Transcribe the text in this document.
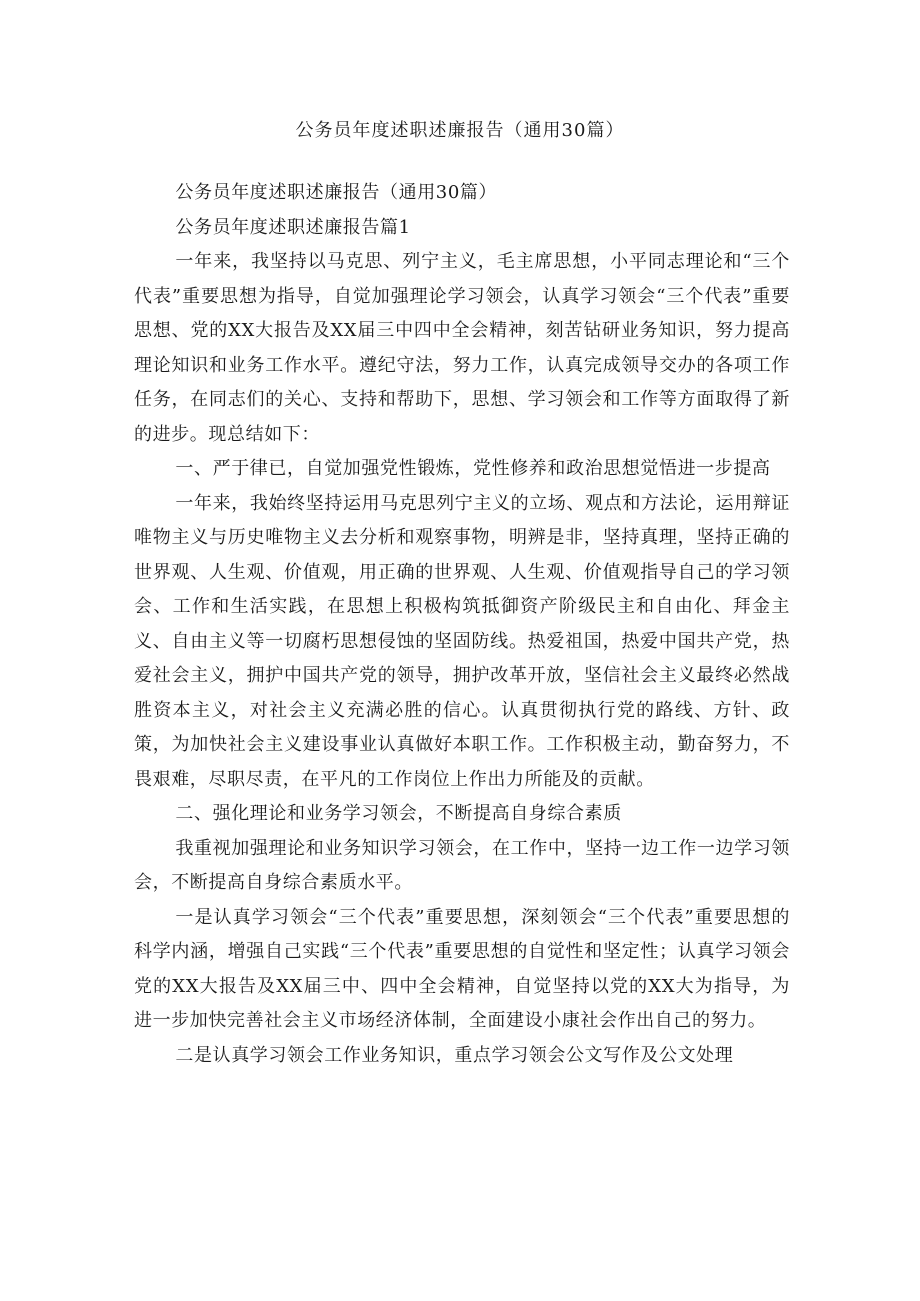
公务员年度述职述廉报告（通用30篇）

公务员年度述职述廉报告（通用30篇）

公务员年度述职述廉报告篇1

一年来，我坚持以马克思、列宁主义，毛主席思想，小平同志理论和“三个代表”重要思想为指导，自觉加强理论学习领会，认真学习领会“三个代表”重要思想、党的XX大报告及XX届三中四中全会精神，刻苦钻研业务知识，努力提高理论知识和业务工作水平。遵纪守法，努力工作，认真完成领导交办的各项工作任务，在同志们的关心、支持和帮助下，思想、学习领会和工作等方面取得了新的进步。现总结如下：

一、严于律已，自觉加强党性锻炼，党性修养和政治思想觉悟进一步提高

一年来，我始终坚持运用马克思列宁主义的立场、观点和方法论，运用辩证唯物主义与历史唯物主义去分析和观察事物，明辨是非，坚持真理，坚持正确的世界观、人生观、价值观，用正确的世界观、人生观、价值观指导自己的学习领会、工作和生活实践，在思想上积极构筑抵御资产阶级民主和自由化、拜金主义、自由主义等一切腐朽思想侵蚀的坚固防线。热爱祖国，热爱中国共产党，热爱社会主义，拥护中国共产党的领导，拥护改革开放，坚信社会主义最终必然战胜资本主义，对社会主义充满必胜的信心。认真贯彻执行党的路线、方针、政策，为加快社会主义建设事业认真做好本职工作。工作积极主动，勤奋努力，不畏艰难，尽职尽责，在平凡的工作岗位上作出力所能及的贡献。

二、强化理论和业务学习领会，不断提高自身综合素质

我重视加强理论和业务知识学习领会，在工作中，坚持一边工作一边学习领会，不断提高自身综合素质水平。

一是认真学习领会“三个代表”重要思想，深刻领会“三个代表”重要思想的科学内涵，增强自己实践“三个代表”重要思想的自觉性和坚定性；认真学习领会党的XX大报告及XX届三中、四中全会精神，自觉坚持以党的XX大为指导，为进一步加快完善社会主义市场经济体制，全面建设小康社会作出自己的努力。

二是认真学习领会工作业务知识，重点学习领会公文写作及公文处理
